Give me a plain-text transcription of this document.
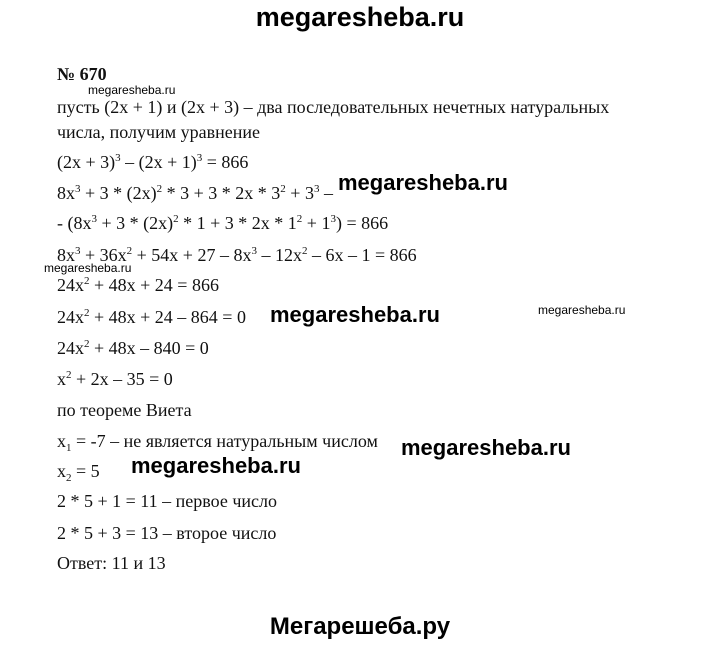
megaresheba.ru
№ 670
megaresheba.ru
пусть (2x + 1) и (2x + 3) – два последовательных нечетных натуральных
числа, получим уравнение
$(2x + 3)^3 - (2x + 1)^3 = 866$
$8x^3 + 3 * (2x)^2 * 3 + 3 * 2x * 3^2 + 3^3$ – megaresheba.ru
- $(8x^3 + 3 * (2x)^2 * 1 + 3 * 2x * 1^2 + 1^3) = 866$
$8x^3 + 36x^2 + 54x + 27 - 8x^3 - 12x^2 - 6x - 1 = 866$
megaresheba.ru
$24x^2 + 48x + 24 = 866$
$24x^2 + 48x + 24 - 864 = 0$ megaresheba.ru	megaresheba.ru
$24x^2 + 48x - 840 = 0$
$x^2 + 2x - 35 = 0$
по теореме Виета
$x_1 = -7$ – не является натуральным числом megaresheba.ru
$x_2 = 5$ megaresheba.ru
2 * 5 + 1 = 11 – первое число
2 * 5 + 3 = 13 – второе число
Ответ: 11 и 13
Мегарешеба.ру
